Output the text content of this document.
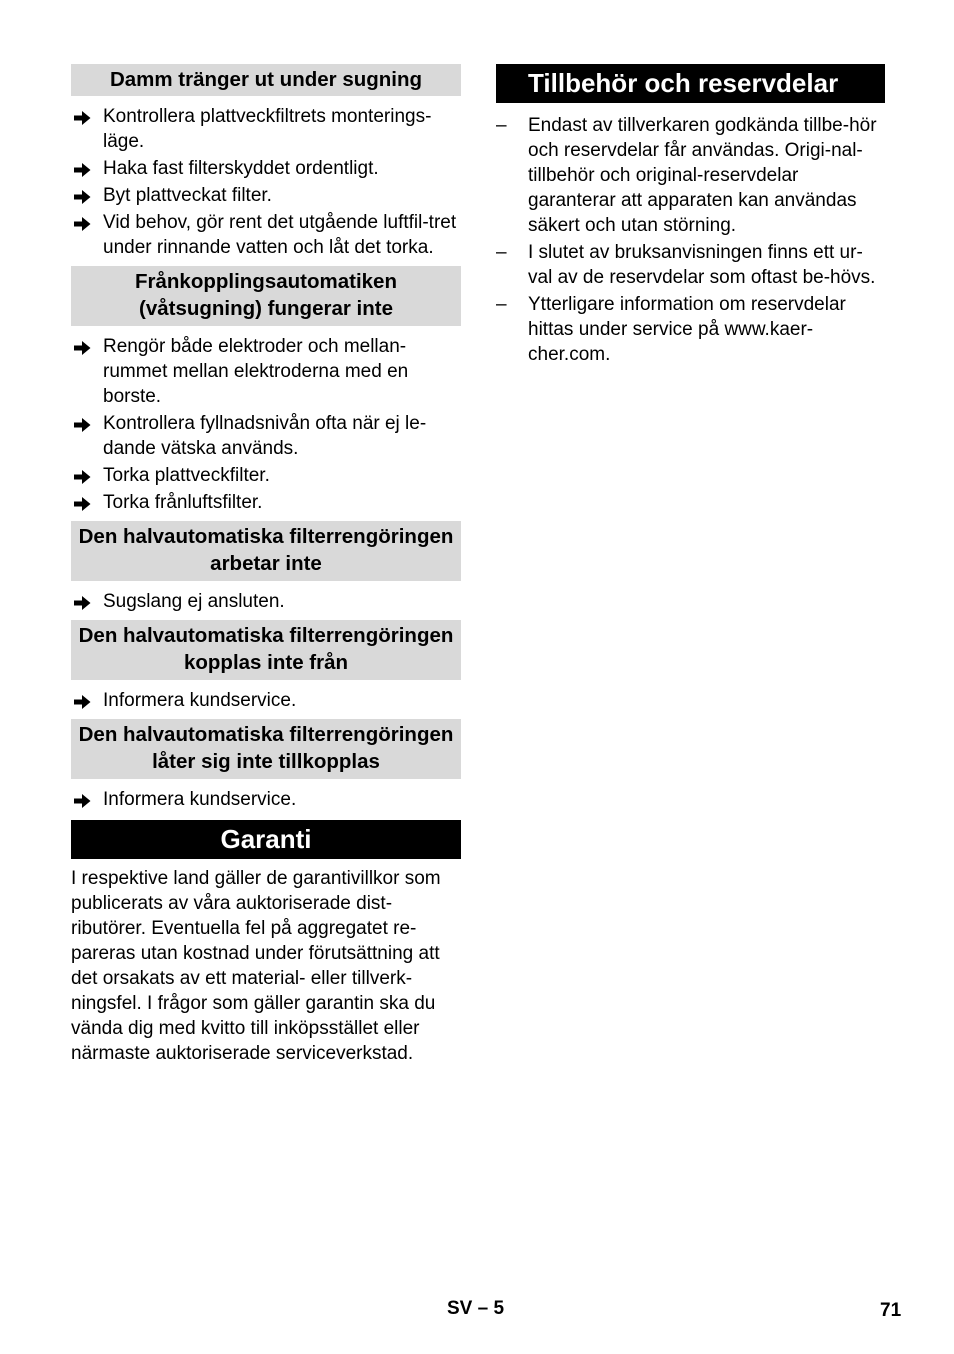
Damm tränger ut under sugning
Kontrollera plattveckfiltrets monterings-läge.
Haka fast filterskyddet ordentligt.
Byt plattveckat filter.
Vid behov, gör rent det utgående luftfil-tret under rinnande vatten och låt det torka.
Frånkopplingsautomatiken (våtsugning) fungerar inte
Rengör både elektroder och mellan-rummet mellan elektroderna med en borste.
Kontrollera fyllnadsnivån ofta när ej le-dande vätska används.
Torka plattveckfilter.
Torka frånluftsfilter.
Den halvautomatiska filterrengöringen arbetar inte
Sugslang ej ansluten.
Den halvautomatiska filterrengöringen kopplas inte från
Informera kundservice.
Den halvautomatiska filterrengöringen låter sig inte tillkopplas
Informera kundservice.
Garanti

I respektive land gäller de garantivillkor som publicerats av våra auktoriserade dist-ributörer. Eventuella fel på aggregatet re-pareras utan kostnad under förutsättning att det orsakats av ett material- eller tillverk-ningsfel. I frågor som gäller garantin ska du vända dig med kvitto till inköpsstället eller närmaste auktoriserade serviceverkstad.

Tillbehör och reservdelar
–	Endast av tillverkaren godkända tillbe-hör och reservdelar får användas. Origi-nal-tillbehör och original-reservdelar garanterar att apparaten kan användas säkert och utan störning.
–	I slutet av bruksanvisningen finns ett ur-val av de reservdelar som oftast be-hövs.
–	Ytterligare information om reservdelar hittas under service på www.kaer-cher.com.
SV – 5	71
